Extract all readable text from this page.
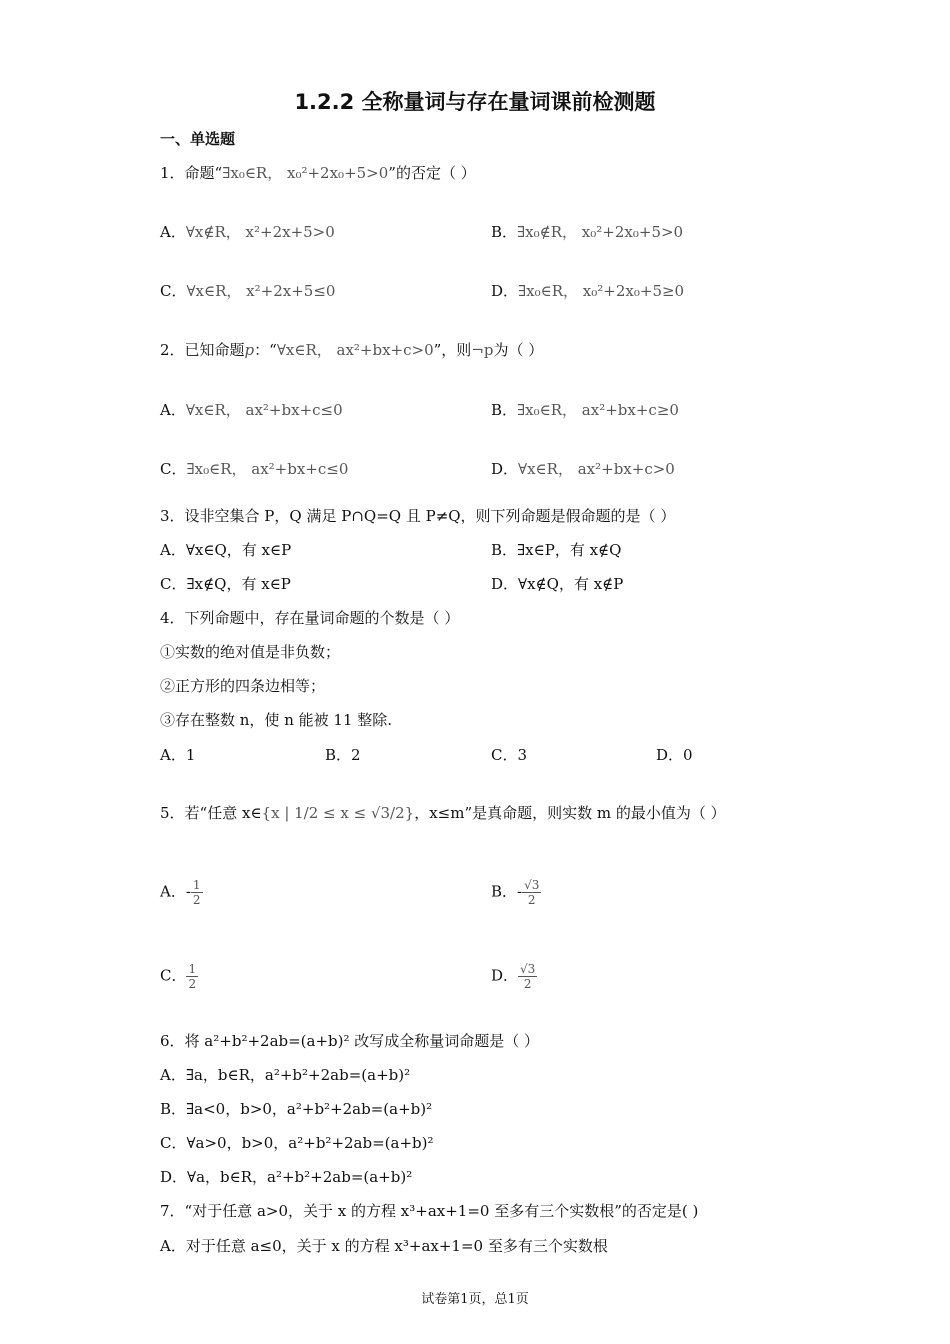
1.2.2 全称量词与存在量词课前检测题
一、单选题
1．命题“∃x₀∈R， x₀²+2x₀+5>0”的否定（ ）
A．∀x∉R， x²+2x+5>0	B．∃x₀∉R， x₀²+2x₀+5>0
C．∀x∈R， x²+2x+5≤0	D．∃x₀∈R， x₀²+2x₀+5≥0
2．已知命题p：“∀x∈R， ax²+bx+c>0”，则¬p为（ ）
A．∀x∈R， ax²+bx+c≤0	B．∃x₀∈R， ax²+bx+c≥0
C．∃x₀∈R， ax²+bx+c≤0	D．∀x∈R， ax²+bx+c>0
3．设非空集合 P，Q 满足 P∩Q=Q 且 P≠Q，则下列命题是假命题的是（ ）
A．∀x∈Q，有 x∈P	B．∃x∈P，有 x∉Q
C．∃x∉Q，有 x∈P	D．∀x∉Q，有 x∉P
4．下列命题中，存在量词命题的个数是（ ）
①实数的绝对值是非负数；
②正方形的四条边相等；
③存在整数 n，使 n 能被 11 整除.
A．1	B．2	C．3	D．0
5．若“任意 x∈{x | 1/2 ≤ x ≤ √3/2}，x≤m”是真命题，则实数 m 的最小值为（ ）
A．- $\frac{1}{2}$	B．- $\frac{√3}{2}$
C． $\frac{1}{2}$	D． $\frac{√3}{2}$
6．将 a²+b²+2ab=(a+b)² 改写成全称量词命题是（ ）
A．∃a，b∈R，a²+b²+2ab=(a+b)²
B．∃a<0，b>0，a²+b²+2ab=(a+b)²
C．∀a>0，b>0，a²+b²+2ab=(a+b)²
D．∀a，b∈R，a²+b²+2ab=(a+b)²
7．“对于任意 a>0，关于 x 的方程 x³+ax+1=0 至多有三个实数根”的否定是( )
A．对于任意 a≤0，关于 x 的方程 x³+ax+1=0 至多有三个实数根
试卷第1页，总1页
